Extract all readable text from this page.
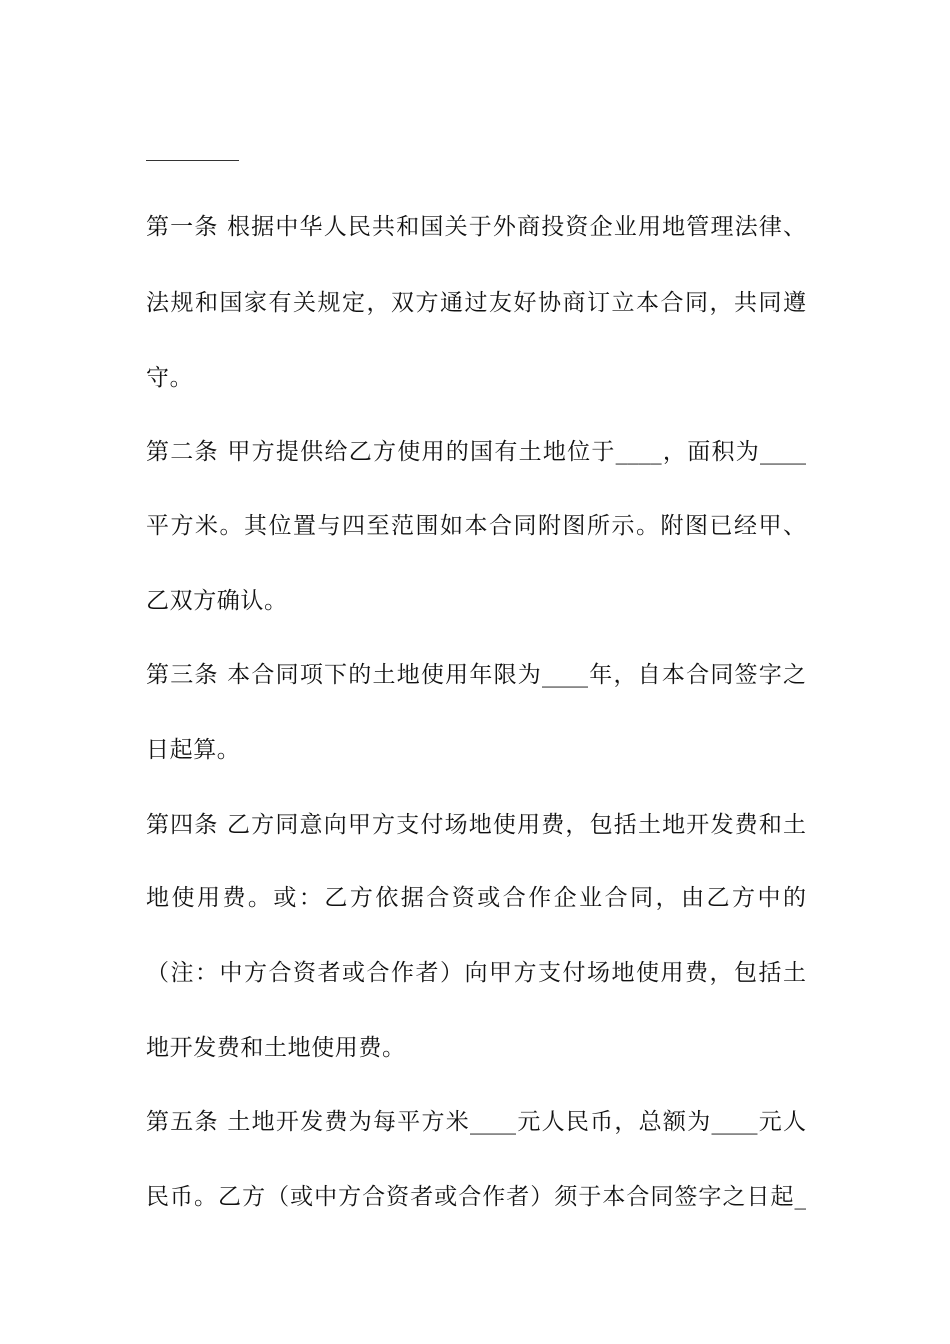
第一条 根据中华人民共和国关于外商投资企业用地管理法律、

法规和国家有关规定，双方通过友好协商订立本合同，共同遵

守。

第二条 甲方提供给乙方使用的国有土地位于____，面积为____

平方米。其位置与四至范围如本合同附图所示。附图已经甲、

乙双方确认。

第三条 本合同项下的土地使用年限为____年，自本合同签字之

日起算。

第四条 乙方同意向甲方支付场地使用费，包括土地开发费和土

地使用费。或：乙方依据合资或合作企业合同，由乙方中的

（注：中方合资者或合作者）向甲方支付场地使用费，包括土

地开发费和土地使用费。

第五条 土地开发费为每平方米____元人民币，总额为____元人

民币。乙方（或中方合资者或合作者）须于本合同签字之日起_
